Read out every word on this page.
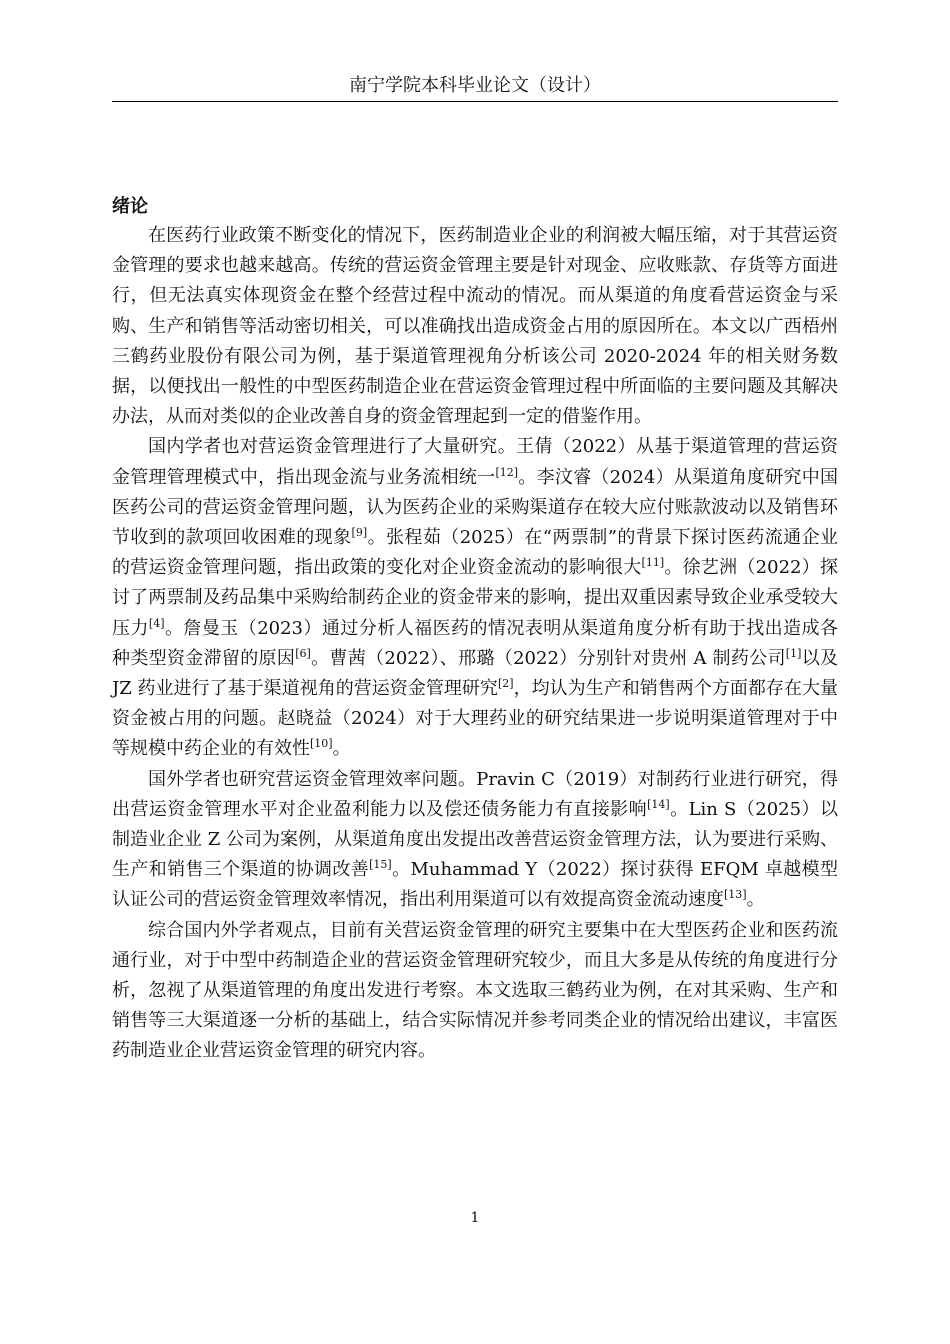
南宁学院本科毕业论文（设计）

绪论

在医药行业政策不断变化的情况下，医药制造业企业的利润被大幅压缩，对于其营运资金管理的要求也越来越高。传统的营运资金管理主要是针对现金、应收账款、存货等方面进行，但无法真实体现资金在整个经营过程中流动的情况。而从渠道的角度看营运资金与采购、生产和销售等活动密切相关，可以准确找出造成资金占用的原因所在。本文以广西梧州三鹤药业股份有限公司为例，基于渠道管理视角分析该公司 2020-2024 年的相关财务数据，以便找出一般性的中型医药制造企业在营运资金管理过程中所面临的主要问题及其解决办法，从而对类似的企业改善自身的资金管理起到一定的借鉴作用。

国内学者也对营运资金管理进行了大量研究。王倩（2022）从基于渠道管理的营运资金管理管理模式中，指出现金流与业务流相统一[12]。李汶睿（2024）从渠道角度研究中国医药公司的营运资金管理问题，认为医药企业的采购渠道存在较大应付账款波动以及销售环节收到的款项回收困难的现象[9]。张程茹（2025）在“两票制”的背景下探讨医药流通企业的营运资金管理问题，指出政策的变化对企业资金流动的影响很大[11]。徐艺洲（2022）探讨了两票制及药品集中采购给制药企业的资金带来的影响，提出双重因素导致企业承受较大压力[4]。詹曼玉（2023）通过分析人福医药的情况表明从渠道角度分析有助于找出造成各种类型资金滞留的原因[6]。曹茜（2022）、邢璐（2022）分别针对贵州 A 制药公司[1]以及 JZ 药业进行了基于渠道视角的营运资金管理研究[2]，均认为生产和销售两个方面都存在大量资金被占用的问题。赵晓益（2024）对于大理药业的研究结果进一步说明渠道管理对于中等规模中药企业的有效性[10]。

国外学者也研究营运资金管理效率问题。Pravin C（2019）对制药行业进行研究，得出营运资金管理水平对企业盈利能力以及偿还债务能力有直接影响[14]。Lin S（2025）以制造业企业 Z 公司为案例，从渠道角度出发提出改善营运资金管理方法，认为要进行采购、生产和销售三个渠道的协调改善[15]。Muhammad Y（2022）探讨获得 EFQM 卓越模型认证公司的营运资金管理效率情况，指出利用渠道可以有效提高资金流动速度[13]。

综合国内外学者观点，目前有关营运资金管理的研究主要集中在大型医药企业和医药流通行业，对于中型中药制造企业的营运资金管理研究较少，而且大多是从传统的角度进行分析，忽视了从渠道管理的角度出发进行考察。本文选取三鹤药业为例，在对其采购、生产和销售等三大渠道逐一分析的基础上，结合实际情况并参考同类企业的情况给出建议，丰富医药制造业企业营运资金管理的研究内容。

1
